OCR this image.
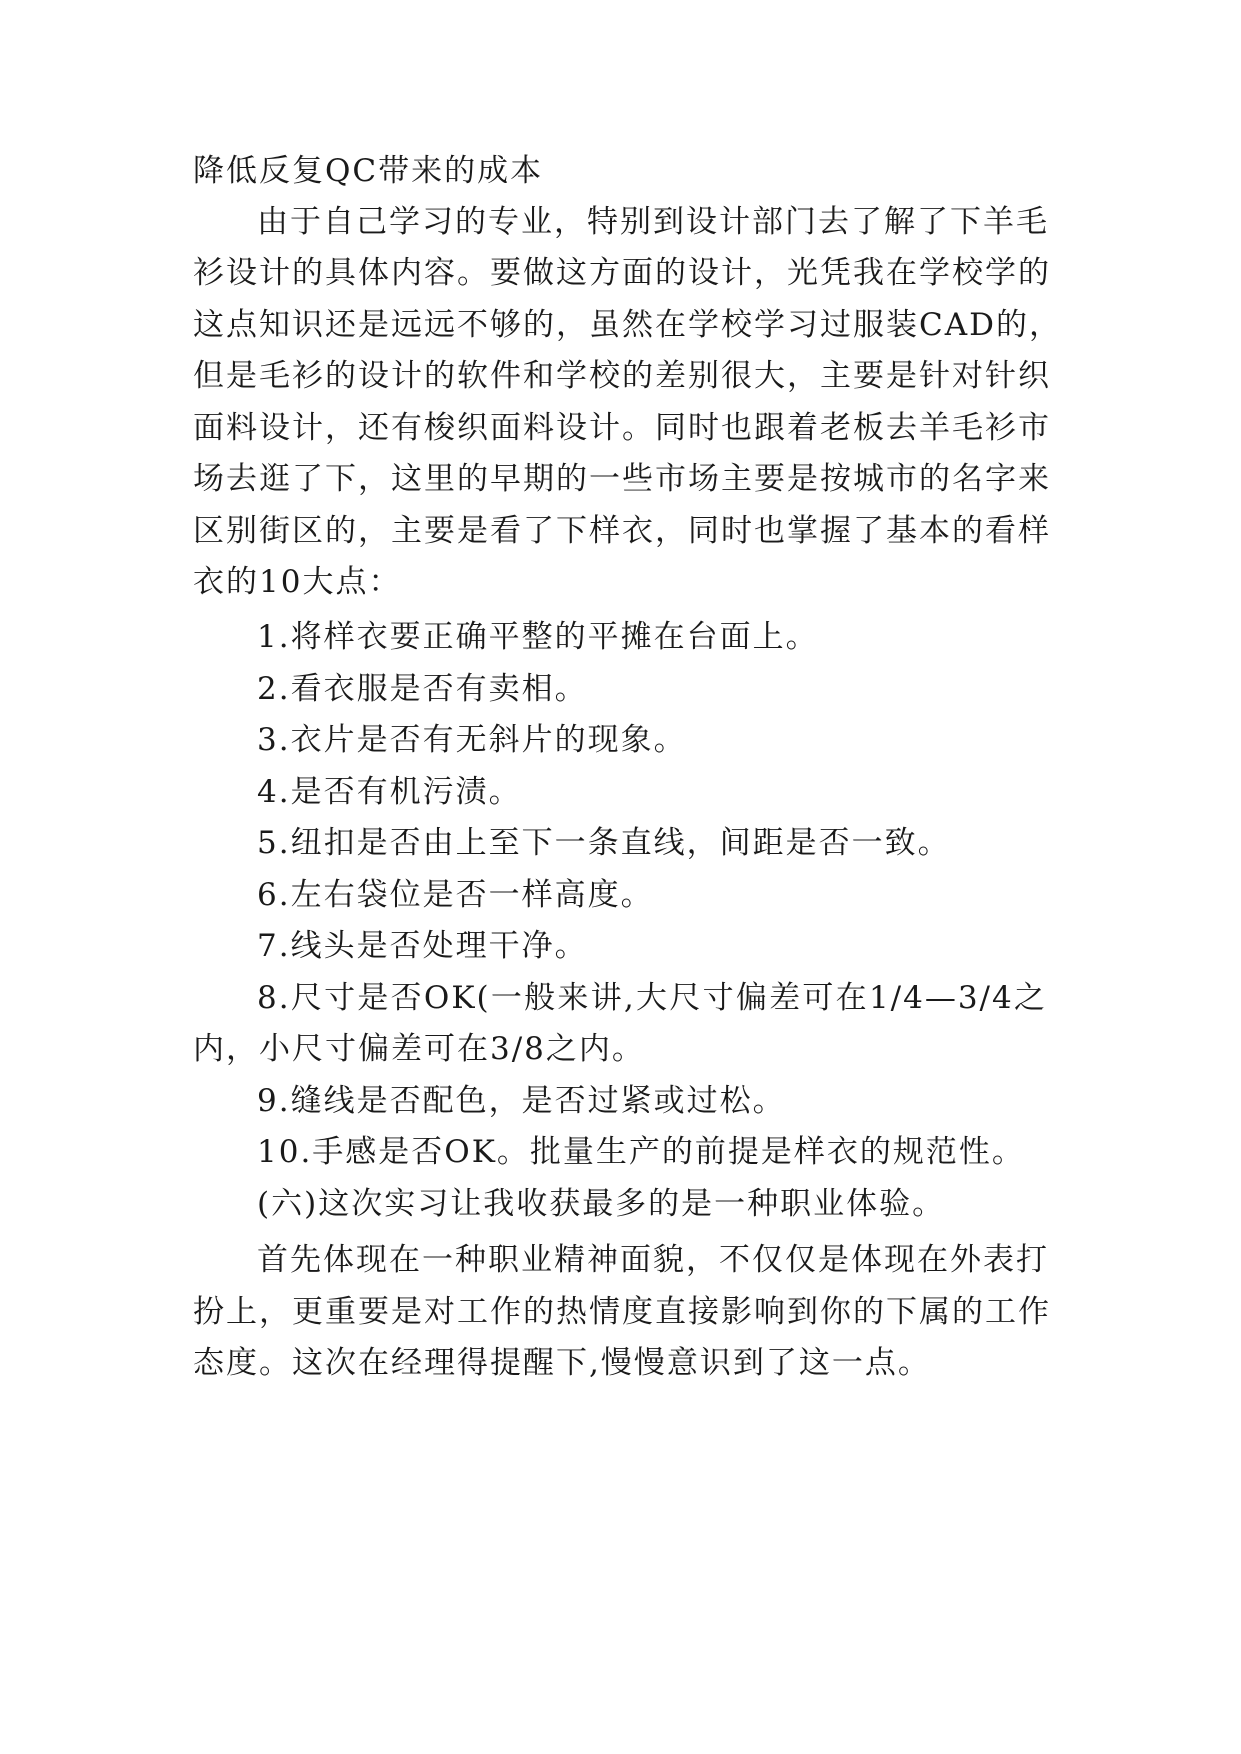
降低反复QC带来的成本
由于自己学习的专业，特别到设计部门去了解了下羊毛
衫设计的具体内容。要做这方面的设计，光凭我在学校学的
这点知识还是远远不够的，虽然在学校学习过服装CAD的，
但是毛衫的设计的软件和学校的差别很大，主要是针对针织
面料设计，还有梭织面料设计。同时也跟着老板去羊毛衫市
场去逛了下，这里的早期的一些市场主要是按城市的名字来
区别街区的，主要是看了下样衣，同时也掌握了基本的看样
衣的10大点：
1.将样衣要正确平整的平摊在台面上。
2.看衣服是否有卖相。
3.衣片是否有无斜片的现象。
4.是否有机污渍。
5.纽扣是否由上至下一条直线，间距是否一致。
6.左右袋位是否一样高度。
7.线头是否处理干净。
8.尺寸是否OK(一般来讲,大尺寸偏差可在1/4—3/4之
内，小尺寸偏差可在3/8之内。
9.缝线是否配色，是否过紧或过松。
10.手感是否OK。批量生产的前提是样衣的规范性。
(六)这次实习让我收获最多的是一种职业体验。
首先体现在一种职业精神面貌，不仅仅是体现在外表打
扮上，更重要是对工作的热情度直接影响到你的下属的工作
态度。这次在经理得提醒下,慢慢意识到了这一点。
